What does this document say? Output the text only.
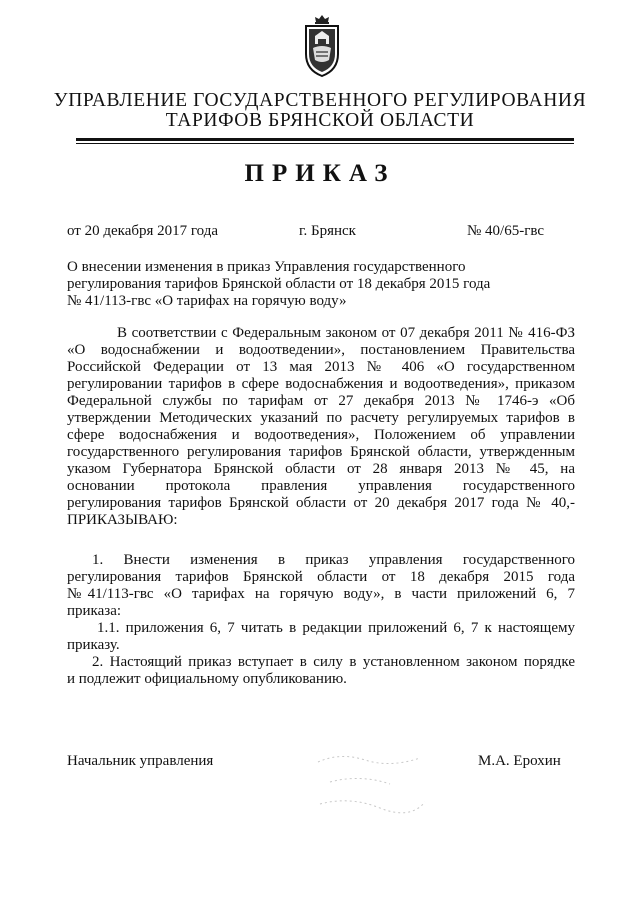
УПРАВЛЕНИЕ ГОСУДАРСТВЕННОГО РЕГУЛИРОВАНИЯ
ТАРИФОВ БРЯНСКОЙ ОБЛАСТИ
ПРИКАЗ
от 20 декабря 2017 года	г. Брянск	№ 40/65-гвс
О внесении изменения в приказ Управления государственного
регулирования тарифов Брянской области от 18 декабря 2015 года
№ 41/113-гвс «О тарифах на горячую воду»
В соответствии с Федеральным законом от 07 декабря 2011 № 416-ФЗ
«О водоснабжении и водоотведении», постановлением Правительства
Российской Федерации от 13 мая 2013 № 406 «О государственном
регулировании тарифов в сфере водоснабжения и водоотведения», приказом
Федеральной службы по тарифам от 27 декабря 2013 № 1746-э «Об
утверждении Методических указаний по расчету регулируемых тарифов в
сфере водоснабжения и водоотведения», Положением об управлении
государственного регулирования тарифов Брянской области, утвержденным
указом Губернатора Брянской области от 28 января 2013 № 45, на
основании протокола правления управления государственного
регулирования тарифов Брянской области от 20 декабря 2017 года № 40,-
ПРИКАЗЫВАЮ:
1. Внести изменения в приказ управления государственного
регулирования тарифов Брянской области от 18 декабря 2015 года
№41/113-гвс «О тарифах на горячую воду», в части приложений 6, 7
приказа:
1.1. приложения 6, 7 читать в редакции приложений 6, 7 к настоящему
приказу.
2. Настоящий приказ вступает в силу в установленном законом порядке
и подлежит официальному опубликованию.
Начальник управления	М.А. Ерохин
